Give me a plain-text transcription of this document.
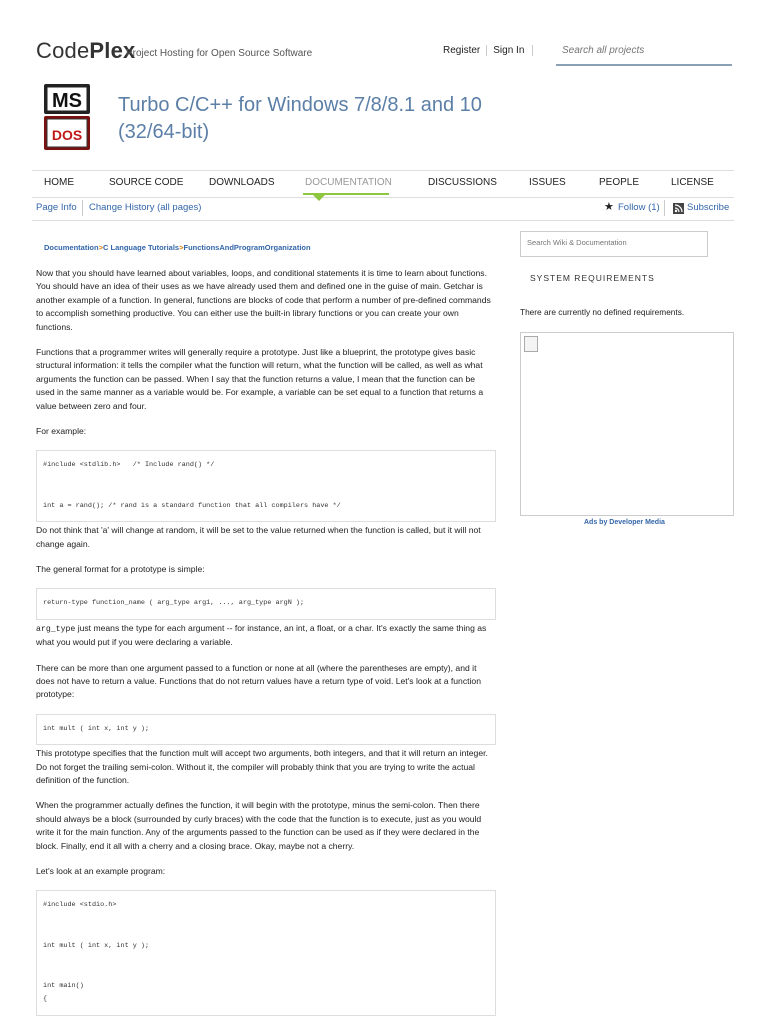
CodePlex
Project Hosting for Open Source Software	Register Sign In
Search all projects
MS
DOS
Turbo C/C++ for Windows 7/8/8.1 and 10
(32/64-bit)
HOME	SOURCE CODE	DOWNLOADS	DOCUMENTATION	DISCUSSIONS	ISSUES	PEOPLE	LICENSE
Page Info Change History (all pages)	★ Follow (1)	Subscribe
Documentation>C Language Tutorials>FunctionsAndProgramOrganization

Now that you should have learned about variables, loops, and conditional statements it is time to learn about functions. You should have an idea of their uses as we have already used them and defined one in the guise of main. Getchar is another example of a function. In general, functions are blocks of code that perform a number of pre-defined commands to accomplish something productive. You can either use the built-in library functions or you can create your own functions.

Functions that a programmer writes will generally require a prototype. Just like a blueprint, the prototype gives basic structural information: it tells the compiler what the function will return, what the function will be called, as well as what arguments the function can be passed. When I say that the function returns a value, I mean that the function can be used in the same manner as a variable would be. For example, a variable can be set equal to a function that returns a value between zero and four.

For example:

#include <stdlib.h>   /* Include rand() */

int a = rand(); /* rand is a standard function that all compilers have */

Do not think that 'a' will change at random, it will be set to the value returned when the function is called, but it will not change again.

The general format for a prototype is simple:

return-type function_name ( arg_type arg1, ..., arg_type argN );

arg_type just means the type for each argument -- for instance, an int, a float, or a char. It's exactly the same thing as what you would put if you were declaring a variable.

There can be more than one argument passed to a function or none at all (where the parentheses are empty), and it does not have to return a value. Functions that do not return values have a return type of void. Let's look at a function prototype:

int mult ( int x, int y );

This prototype specifies that the function mult will accept two arguments, both integers, and that it will return an integer. Do not forget the trailing semi-colon. Without it, the compiler will probably think that you are trying to write the actual definition of the function.

When the programmer actually defines the function, it will begin with the prototype, minus the semi-colon. Then there should always be a block (surrounded by curly braces) with the code that the function is to execute, just as you would write it for the main function. Any of the arguments passed to the function can be used as if they were declared in the block. Finally, end it all with a cherry and a closing brace. Okay, maybe not a cherry.

Let's look at an example program:

#include <stdio.h>

int mult ( int x, int y );

int main()
{
Search Wiki & Documentation
SYSTEM REQUIREMENTS
There are currently no defined requirements.
Ads by Developer Media
